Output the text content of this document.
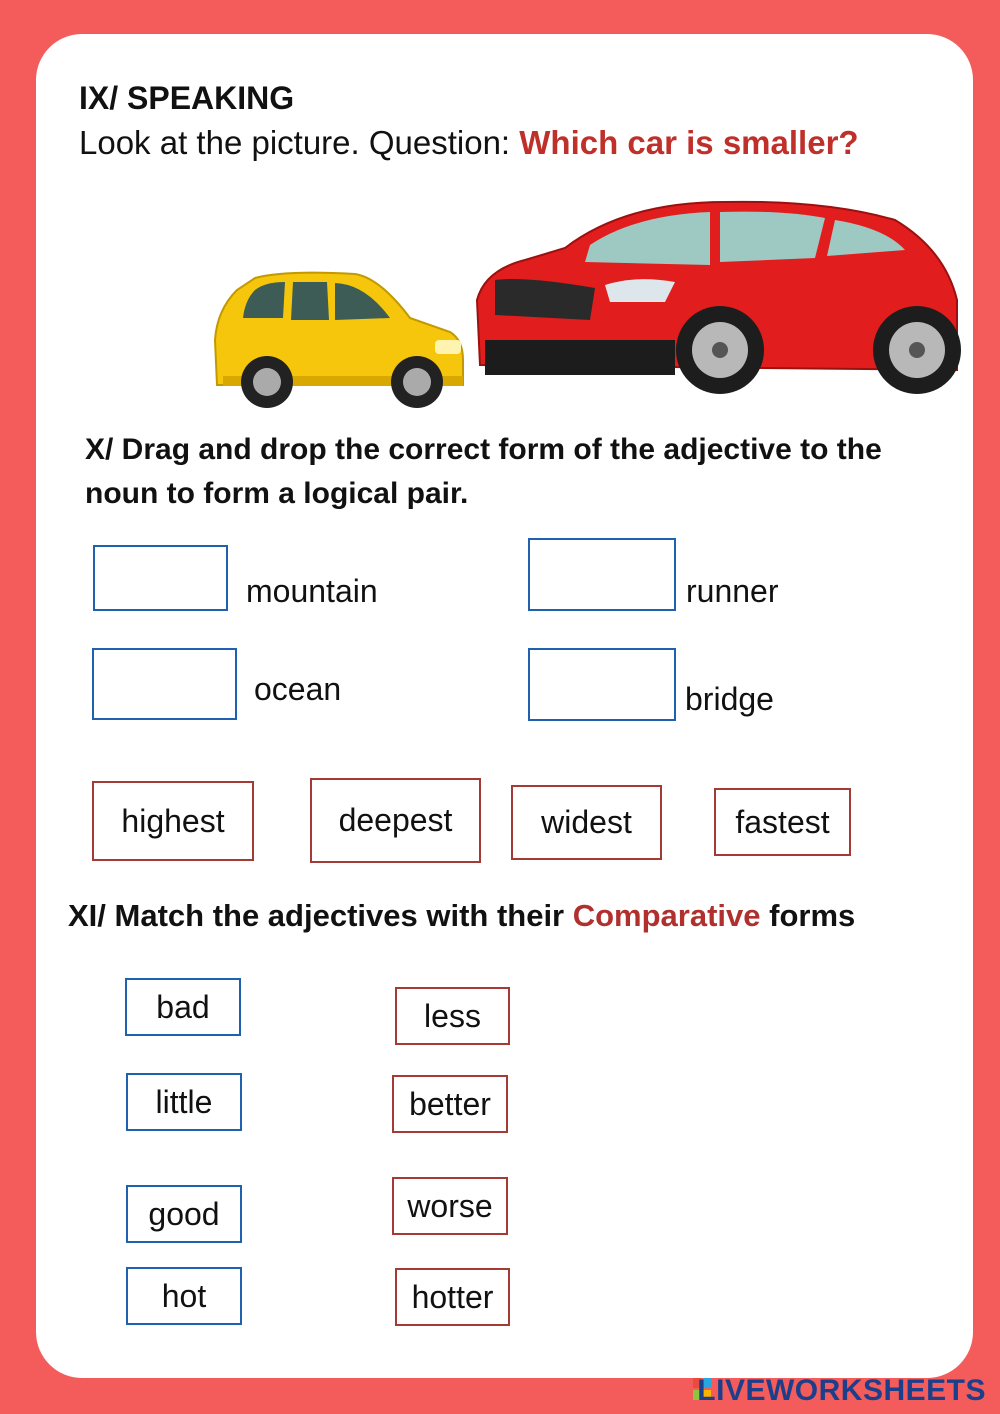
IX/ SPEAKING
Look at the picture. Question: Which car is smaller?
X/ Drag and drop the correct form of the adjective to the noun to form a logical pair.
mountain	runner
ocean	bridge
highest	deepest	widest	fastest
XI/ Match the adjectives with their Comparative forms
bad
little
good
hot
less
better
worse
hotter
LIVEWORKSHEETS
